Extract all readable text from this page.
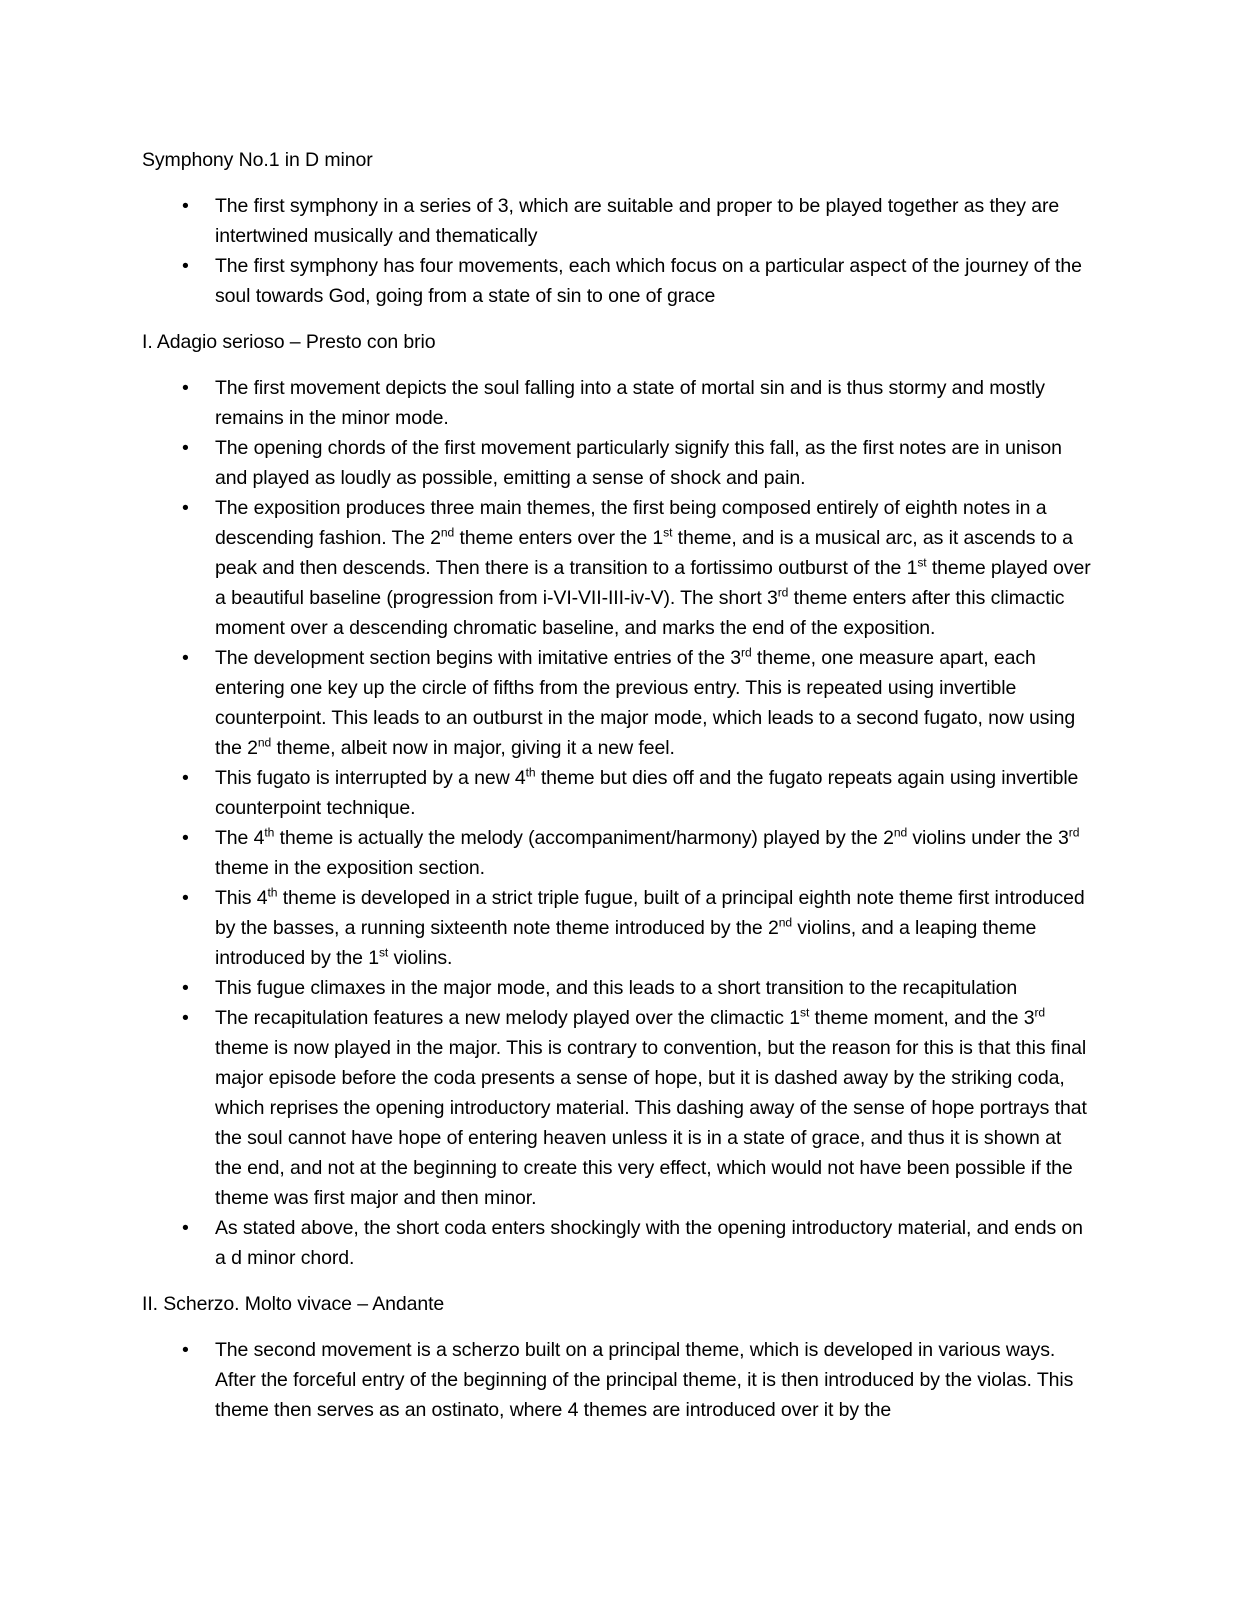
Symphony No.1 in D minor

• The first symphony in a series of 3, which are suitable and proper to be played together as they are intertwined musically and thematically
• The first symphony has four movements, each which focus on a particular aspect of the journey of the soul towards God, going from a state of sin to one of grace

I. Adagio serioso – Presto con brio

• The first movement depicts the soul falling into a state of mortal sin and is thus stormy and mostly remains in the minor mode.
• The opening chords of the first movement particularly signify this fall, as the first notes are in unison and played as loudly as possible, emitting a sense of shock and pain.
• The exposition produces three main themes, the first being composed entirely of eighth notes in a descending fashion. The 2nd theme enters over the 1st theme, and is a musical arc, as it ascends to a peak and then descends. Then there is a transition to a fortissimo outburst of the 1st theme played over a beautiful baseline (progression from i-VI-VII-III-iv-V). The short 3rd theme enters after this climactic moment over a descending chromatic baseline, and marks the end of the exposition.
• The development section begins with imitative entries of the 3rd theme, one measure apart, each entering one key up the circle of fifths from the previous entry. This is repeated using invertible counterpoint. This leads to an outburst in the major mode, which leads to a second fugato, now using the 2nd theme, albeit now in major, giving it a new feel.
• This fugato is interrupted by a new 4th theme but dies off and the fugato repeats again using invertible counterpoint technique.
• The 4th theme is actually the melody (accompaniment/harmony) played by the 2nd violins under the 3rd theme in the exposition section.
• This 4th theme is developed in a strict triple fugue, built of a principal eighth note theme first introduced by the basses, a running sixteenth note theme introduced by the 2nd violins, and a leaping theme introduced by the 1st violins.
• This fugue climaxes in the major mode, and this leads to a short transition to the recapitulation
• The recapitulation features a new melody played over the climactic 1st theme moment, and the 3rd theme is now played in the major. This is contrary to convention, but the reason for this is that this final major episode before the coda presents a sense of hope, but it is dashed away by the striking coda, which reprises the opening introductory material. This dashing away of the sense of hope portrays that the soul cannot have hope of entering heaven unless it is in a state of grace, and thus it is shown at the end, and not at the beginning to create this very effect, which would not have been possible if the theme was first major and then minor.
• As stated above, the short coda enters shockingly with the opening introductory material, and ends on a d minor chord.

II. Scherzo. Molto vivace – Andante

• The second movement is a scherzo built on a principal theme, which is developed in various ways. After the forceful entry of the beginning of the principal theme, it is then introduced by the violas. This theme then serves as an ostinato, where 4 themes are introduced over it by the
